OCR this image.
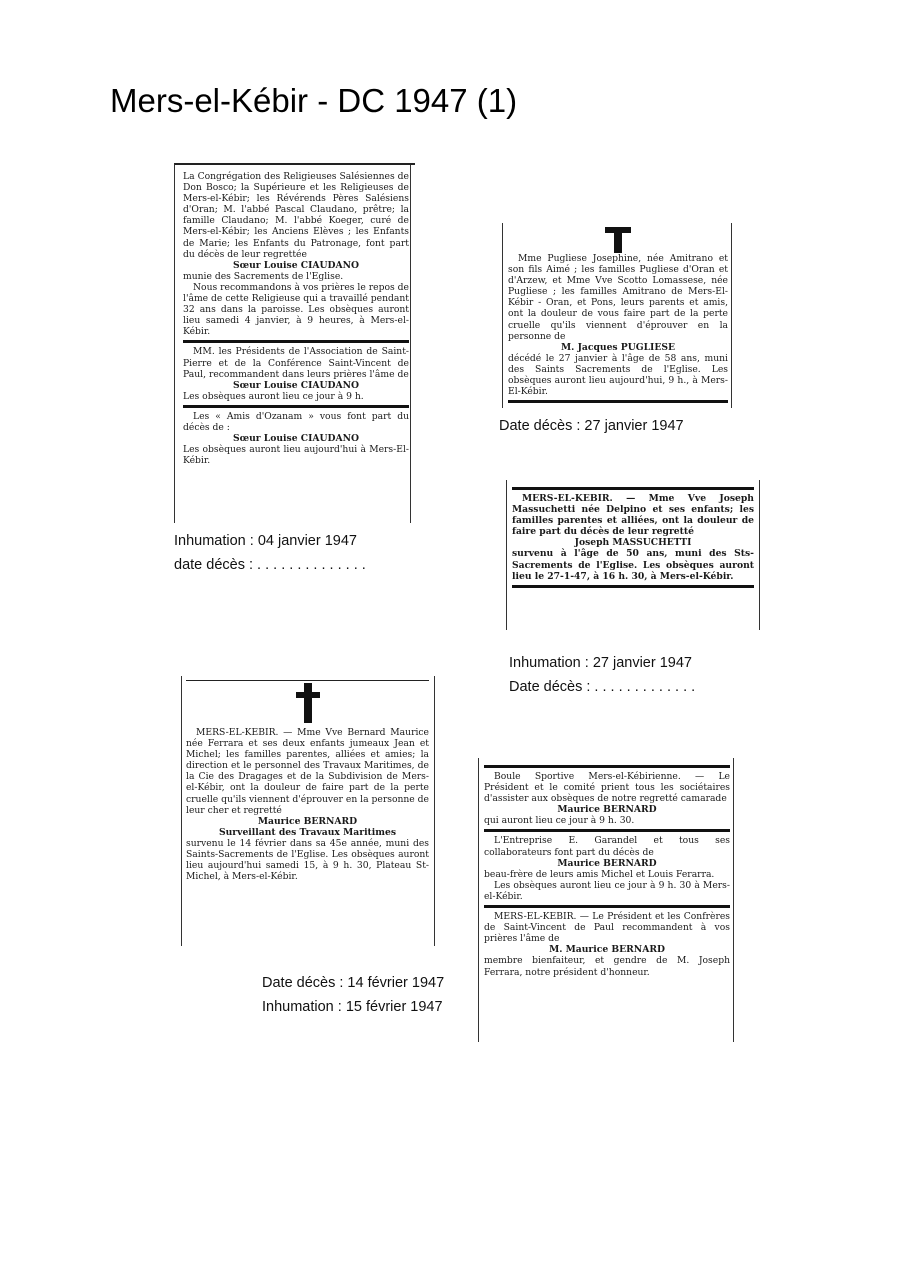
Mers-el-Kébir - DC 1947 (1)

La Congrégation des Religieuses Salésiennes de Don Bosco; la Supérieure et les Religieuses de Mers-el-Kébir; les Révérends Pères Salésiens d'Oran; M. l'abbé Pascal Claudano, prêtre; la famille Claudano; M. l'abbé Koeger, curé de Mers-el-Kébir; les Anciens Elèves ; les Enfants de Marie; les Enfants du Patronage, font part du décès de leur regrettée

Sœur Louise CIAUDANO

munie des Sacrements de l'Eglise.

Nous recommandons à vos prières le repos de l'âme de cette Religieuse qui a travaillé pendant 32 ans dans la paroisse. Les obsèques auront lieu samedi 4 janvier, à 9 heures, à Mers-el-Kébir.

MM. les Présidents de l'Association de Saint-Pierre et de la Conférence Saint-Vincent de Paul, recommandent dans leurs prières l'âme de

Sœur Louise CIAUDANO

Les obsèques auront lieu ce jour à 9 h.

Les « Amis d'Ozanam » vous font part du décès de :

Sœur Louise CIAUDANO

Les obsèques auront lieu aujourd'hui à Mers-El-Kébir.

Inhumation : 04 janvier 1947
date décès : . . . . . . . . . . . . . .

Mme Pugliese Josephine, née Amitrano et son fils Aimé ; les familles Pugliese d'Oran et d'Arzew, et Mme Vve Scotto Lomassese, née Pugliese ; les familles Amitrano de Mers-El-Kébir - Oran, et Pons, leurs parents et amis, ont la douleur de vous faire part de la perte cruelle qu'ils viennent d'éprouver en la personne de

M. Jacques PUGLIESE

décédé le 27 janvier à l'âge de 58 ans, muni des Saints Sacrements de l'Eglise. Les obsèques auront lieu aujourd'hui, 9 h., à Mers-El-Kébir.

Date décès : 27 janvier 1947

MERS-EL-KEBIR. — Mme Vve Joseph Massuchetti née Delpino et ses enfants; les familles parentes et alliées, ont la douleur de faire part du décès de leur regretté

Joseph MASSUCHETTI

survenu à l'âge de 50 ans, muni des Sts-Sacrements de l'Eglise. Les obsèques auront lieu le 27-1-47, à 16 h. 30, à Mers-el-Kébir.

Inhumation : 27 janvier 1947
Date décès : . . . . . . . . . . . . .

MERS-EL-KEBIR. — Mme Vve Bernard Maurice née Ferrara et ses deux enfants jumeaux Jean et Michel; les familles parentes, alliées et amies; la direction et le personnel des Travaux Maritimes, de la Cie des Dragages et de la Subdivision de Mers-el-Kébir, ont la douleur de faire part de la perte cruelle qu'ils viennent d'éprouver en la personne de leur cher et regretté

Maurice BERNARD

Surveillant des Travaux Maritimes

survenu le 14 février dans sa 45e année, muni des Saints-Sacrements de l'Eglise. Les obsèques auront lieu aujourd'hui samedi 15, à 9 h. 30, Plateau St-Michel, à Mers-el-Kébir.

Date décès : 14 février 1947
Inhumation : 15 février 1947

Boule Sportive Mers-el-Kébirienne. — Le Président et le comité prient tous les sociétaires d'assister aux obsèques de notre regretté camarade

Maurice BERNARD

qui auront lieu ce jour à 9 h. 30.

L'Entreprise E. Garandel et tous ses collaborateurs font part du décès de

Maurice BERNARD

beau-frère de leurs amis Michel et Louis Ferarra.

Les obsèques auront lieu ce jour à 9 h. 30 à Mers-el-Kébir.

MERS-EL-KEBIR. — Le Président et les Confrères de Saint-Vincent de Paul recommandent à vos prières l'âme de

M. Maurice BERNARD

membre bienfaiteur, et gendre de M. Joseph Ferrara, notre président d'honneur.
